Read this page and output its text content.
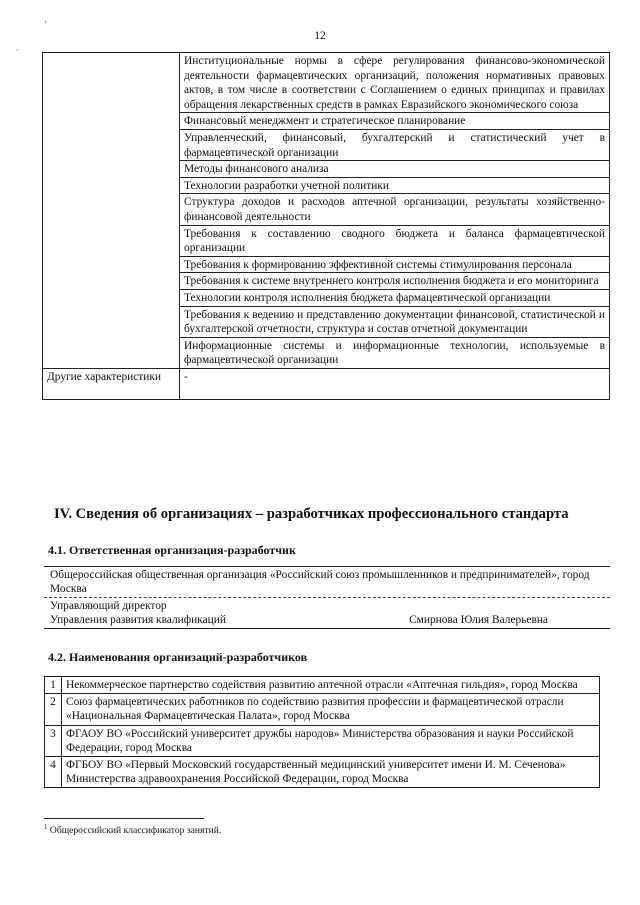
‚
,
12
	Институциональные нормы в сфере регулирования финансово-экономической деятельности фармацевтических организаций, положения нормативных правовых актов, в том числе в соответствии с Соглашением о единых принципах и правилах обращения лекарственных средств в рамках Евразийского экономического союза
	Финансовый менеджмент и стратегическое планирование
	Управленческий, финансовый, бухгалтерский и статистический учет в фармацевтической организации
	Методы финансового анализа
	Технологии разработки учетной политики
	Структура доходов и расходов аптечной организации, результаты хозяйственно-финансовой деятельности
	Требования к составлению сводного бюджета и баланса фармацевтической организации
	Требования к формированию эффективной системы стимулирования персонала
	Требования к системе внутреннего контроля исполнения бюджета и его мониторинга
	Технологии контроля исполнения бюджета фармацевтической организации
	Требования к ведению и представлению документации финансовой, статистической и бухгалтерской отчетности, структура и состав отчетной документации
	Информационные системы и информационные технологии, используемые в фармацевтической организации
Другие характеристики	-
IV. Сведения об организациях – разработчиках профессионального стандарта
4.1. Ответственная организация-разработчик
Общероссийская общественная организация «Российский союз промышленников и предпринимателей», город Москва
Управляющий директор
Управления развития квалификаций	Смирнова Юлия Валерьевна
4.2. Наименования организаций-разработчиков
1	Некоммерческое партнерство содействия развитию аптечной отрасли «Аптечная гильдия», город Москва
2	Союз фармацевтических работников по содействию развития профессии и фармацевтической отрасли «Национальная Фармацевтическая Палата», город Москва
3	ФГАОУ ВО «Российский университет дружбы народов» Министерства образования и науки Российской Федерации, город Москва
4	ФГБОУ ВО «Первый Московский государственный медицинский университет имени И. М. Сеченова» Министерства здравоохранения Российской Федерации, город Москва
$^1$ Общероссийский классификатор занятий.
